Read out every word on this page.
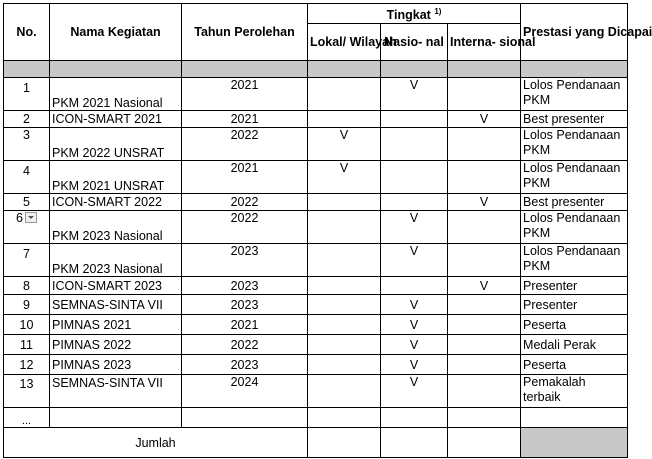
No.	Nama Kegiatan	Tahun Perolehan	Tingkat $^{1)}$			Prestasi yang Dicapai
			Lokal/ Wilayah	Nasio- nal	Interna- sional	

1	PKM 2021 Nasional	2021		V		Lolos Pendanaan PKM
2	ICON-SMART 2021	2021			V	Best presenter
3	PKM 2022 UNSRAT	2022	V			Lolos Pendanaan PKM
4	PKM 2021 UNSRAT	2021	V			Lolos Pendanaan PKM
5	ICON-SMART 2022	2022			V	Best presenter
6	PKM 2023 Nasional	2022		V		Lolos Pendanaan PKM
7	PKM 2023 Nasional	2023		V		Lolos Pendanaan PKM
8	ICON-SMART 2023	2023			V	Presenter
9	SEMNAS-SINTA VII	2023		V		Presenter
10	PIMNAS 2021	2021		V		Peserta
11	PIMNAS 2022	2022		V		Medali Perak
12	PIMNAS 2023	2023		V		Peserta
13	SEMNAS-SINTA VII	2024		V		Pemakalah terbaik
...						
Jumlah						
